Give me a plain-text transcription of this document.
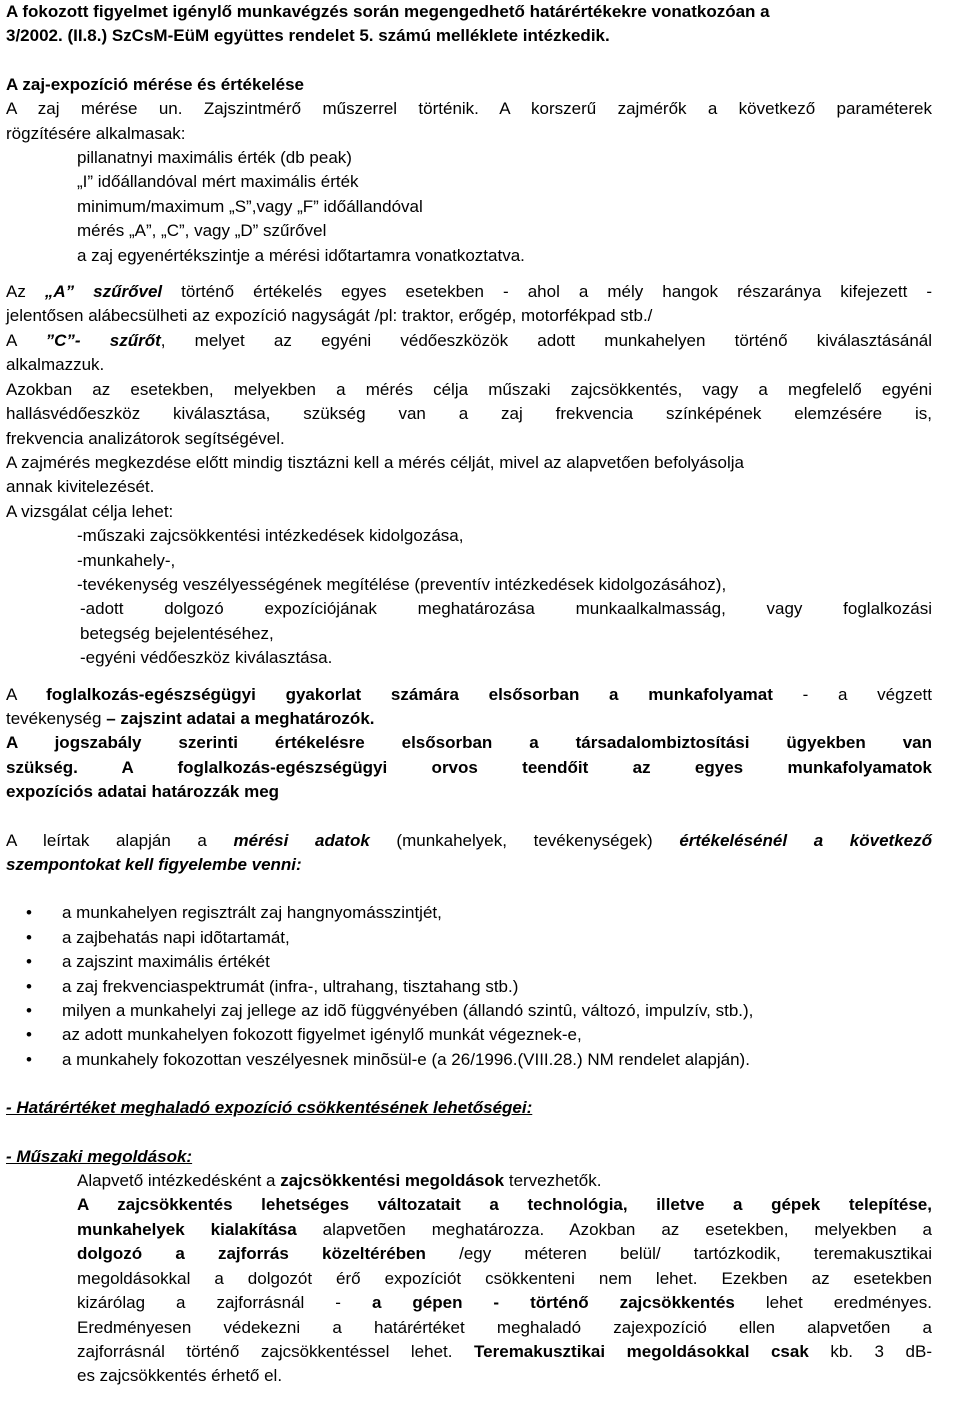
A fokozott figyelmet igénylő munkavégzés során megengedhető határértékekre vonatkozóan a
3/2002. (II.8.) SzCsM-EüM együttes rendelet 5. számú melléklete intézkedik.

A zaj-expozíció mérése és értékelése
A zaj mérése un. Zajszintmérő műszerrel történik. A korszerű zajmérők a következő paraméterek
rögzítésére alkalmasak:
pillanatnyi maximális érték (db peak)
„I” időállandóval mért maximális érték
minimum/maximum „S”,vagy „F” időállandóval
mérés „A”, „C”, vagy „D” szűrővel
a zaj egyenértékszintje a mérési időtartamra vonatkoztatva.

Az „A” szűrővel történő értékelés egyes esetekben - ahol a mély hangok részaránya kifejezett -
jelentősen alábecsülheti az expozíció nagyságát /pl: traktor, erőgép, motorfékpad stb./
A ”C”- szűrőt, melyet az egyéni védőeszközök adott munkahelyen történő kiválasztásánál
alkalmazzuk.
Azokban az esetekben, melyekben a mérés célja műszaki zajcsökkentés, vagy a megfelelő egyéni
hallásvédőeszköz kiválasztása, szükség van a zaj frekvencia színképének elemzésére is,
frekvencia analizátorok segítségével.
A zajmérés megkezdése előtt mindig tisztázni kell a mérés célját, mivel az alapvetően befolyásolja
annak kivitelezését.
A vizsgálat célja lehet:
-műszaki zajcsökkentési intézkedések kidolgozása,
-munkahely-,
-tevékenység veszélyességének megítélése (preventív intézkedések kidolgozásához),
-adott dolgozó expozíciójának meghatározása munkaalkalmasság, vagy foglalkozási
betegség bejelentéséhez,
-egyéni védőeszköz kiválasztása.

A foglalkozás-egészségügyi gyakorlat számára elsősorban a munkafolyamat - a végzett
tevékenység – zajszint adatai a meghatározók.
A jogszabály szerinti értékelésre elsősorban a társadalombiztosítási ügyekben van
szükség. A foglalkozás-egészségügyi orvos teendőit az egyes munkafolyamatok
expozíciós adatai határozzák meg

A leírtak alapján a mérési adatok (munkahelyek, tevékenységek) értékelésénél a következő
szempontokat kell figyelembe venni:

• a munkahelyen regisztrált zaj hangnyomásszintjét,
• a zajbehatás napi idõtartamát,
• a zajszint maximális értékét
• a zaj frekvenciaspektrumát (infra-, ultrahang, tisztahang stb.)
• milyen a munkahelyi zaj jellege az idõ függvényében (állandó szintû, változó, impulzív, stb.),
• az adott munkahelyen fokozott figyelmet igénylő munkát végeznek-e,
• a munkahely fokozottan veszélyesnek minõsül-e (a 26/1996.(VIII.28.) NM rendelet alapján).

- Határértéket meghaladó expozíció csökkentésének lehetőségei:

- Műszaki megoldások:
Alapvető intézkedésként a zajcsökkentési megoldások tervezhetők.
A zajcsökkentés lehetséges változatait a technológia, illetve a gépek telepítése,
munkahelyek kialakítása alapvetõen meghatározza. Azokban az esetekben, melyekben a
dolgozó a zajforrás közeltérében /egy méteren belül/ tartózkodik, teremakusztikai
megoldásokkal a dolgozót érő expozíciót csökkenteni nem lehet. Ezekben az esetekben
kizárólag a zajforrásnál - a gépen - történő zajcsökkentés lehet eredményes.
Eredményesen védekezni a határértéket meghaladó zajexpozíció ellen alapvetően a
zajforrásnál történő zajcsökkentéssel lehet. Teremakusztikai megoldásokkal csak kb. 3 dB-
es zajcsökkentés érhető el.
